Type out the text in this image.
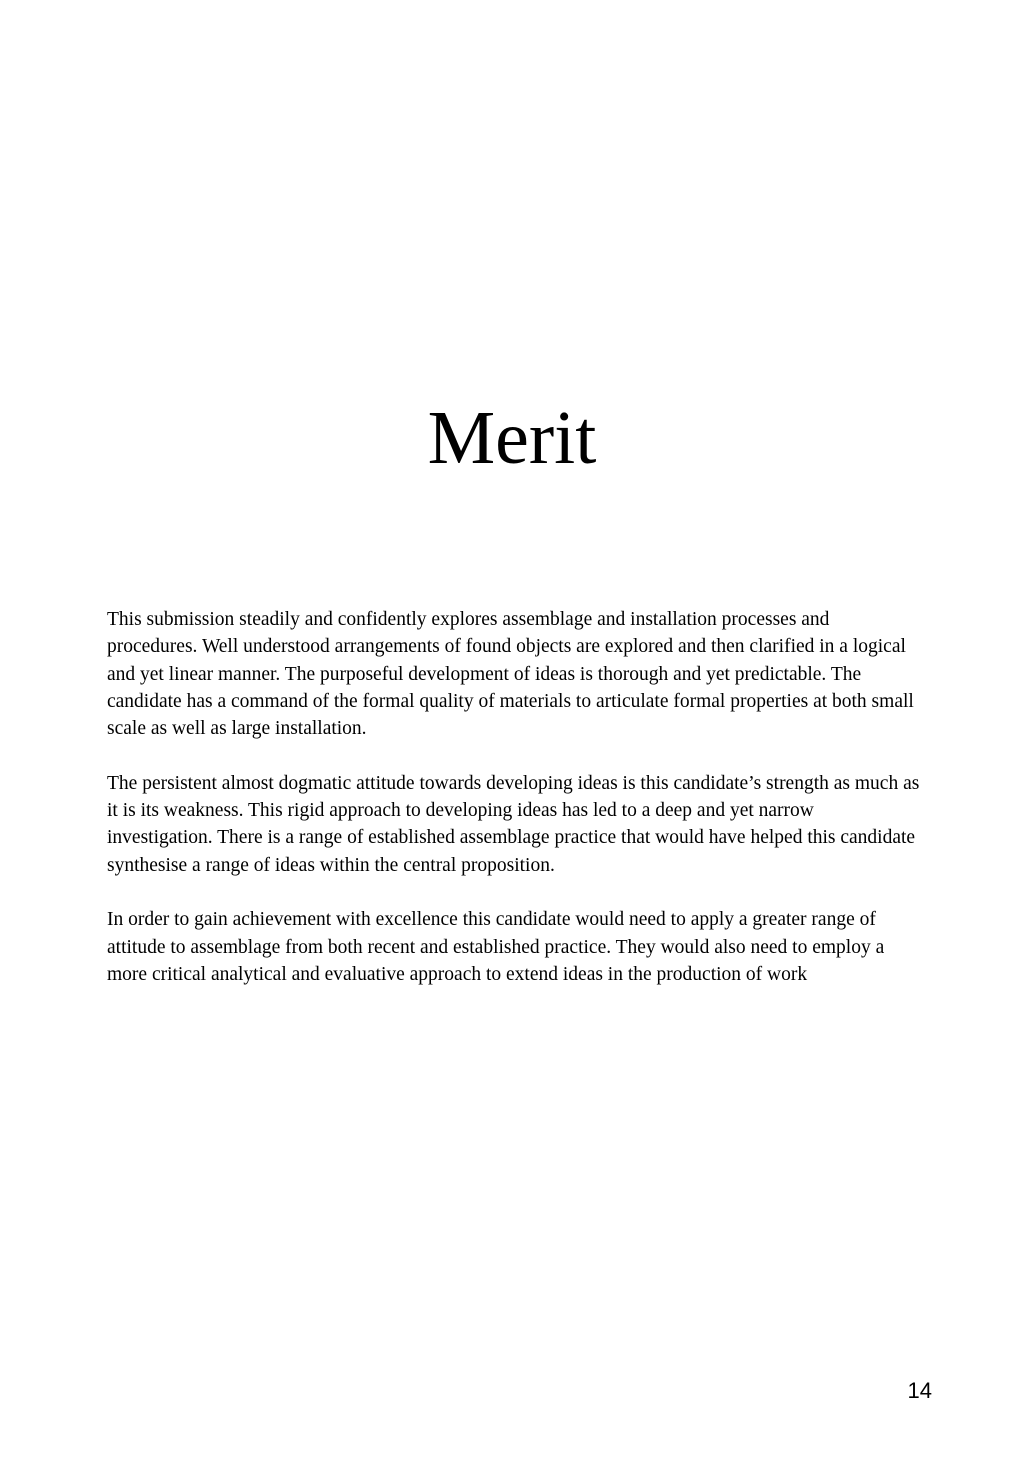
Merit

This submission steadily and confidently explores assemblage and installation processes and procedures. Well understood arrangements of found objects are explored and then clarified in a logical and yet linear manner. The purposeful development of ideas is thorough and yet predictable. The candidate has a command of the formal quality of materials to articulate formal properties at both small scale as well as large installation.

The persistent almost dogmatic attitude towards developing ideas is this candidate’s strength as much as it is its weakness. This rigid approach to developing ideas has led to a deep and yet narrow investigation. There is a range of established assemblage practice that would have helped this candidate synthesise a range of ideas within the central proposition.

In order to gain achievement with excellence this candidate would need to apply a greater range of attitude to assemblage from both recent and established practice. They would also need to employ a more critical analytical and evaluative approach to extend ideas in the production of work

14
